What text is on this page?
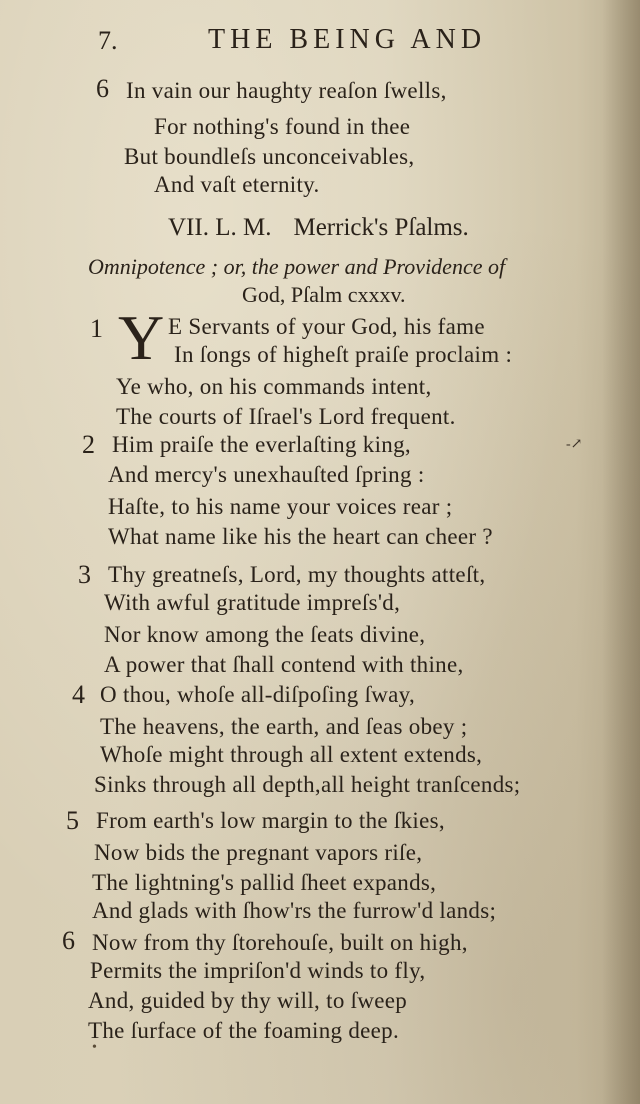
7.	THE BEING AND
6 In vain our haughty reaſon ſwells,
For nothing's found in thee
But boundleſs unconceivables,
And vaſt eternity.
VII. L. M. Merrick's Pſalms.
Omnipotence ; or, the power and Providence of
God, Pſalm cxxxv.
1 Y E Servants of your God, his fame
In ſongs of higheſt praiſe proclaim :
Ye who, on his commands intent,
The courts of Iſrael's Lord frequent.
2 Him praiſe the everlaſting king,
And mercy's unexhauſted ſpring :
Haſte, to his name your voices rear ;
What name like his the heart can cheer ?
-↗
3 Thy greatneſs, Lord, my thoughts atteſt,
With awful gratitude impreſs'd,
Nor know among the ſeats divine,
A power that ſhall contend with thine,
4 O thou, whoſe all-diſpoſing ſway,
The heavens, the earth, and ſeas obey ;
Whoſe might through all extent extends,
Sinks through all depth,all height tranſcends;
5 From earth's low margin to the ſkies,
Now bids the pregnant vapors riſe,
The lightning's pallid ſheet expands,
And glads with ſhow'rs the furrow'd lands;
6 Now from thy ſtorehouſe, built on high,
Permits the impriſon'd winds to fly,
And, guided by thy will, to ſweep
The ſurface of the foaming deep.
•
